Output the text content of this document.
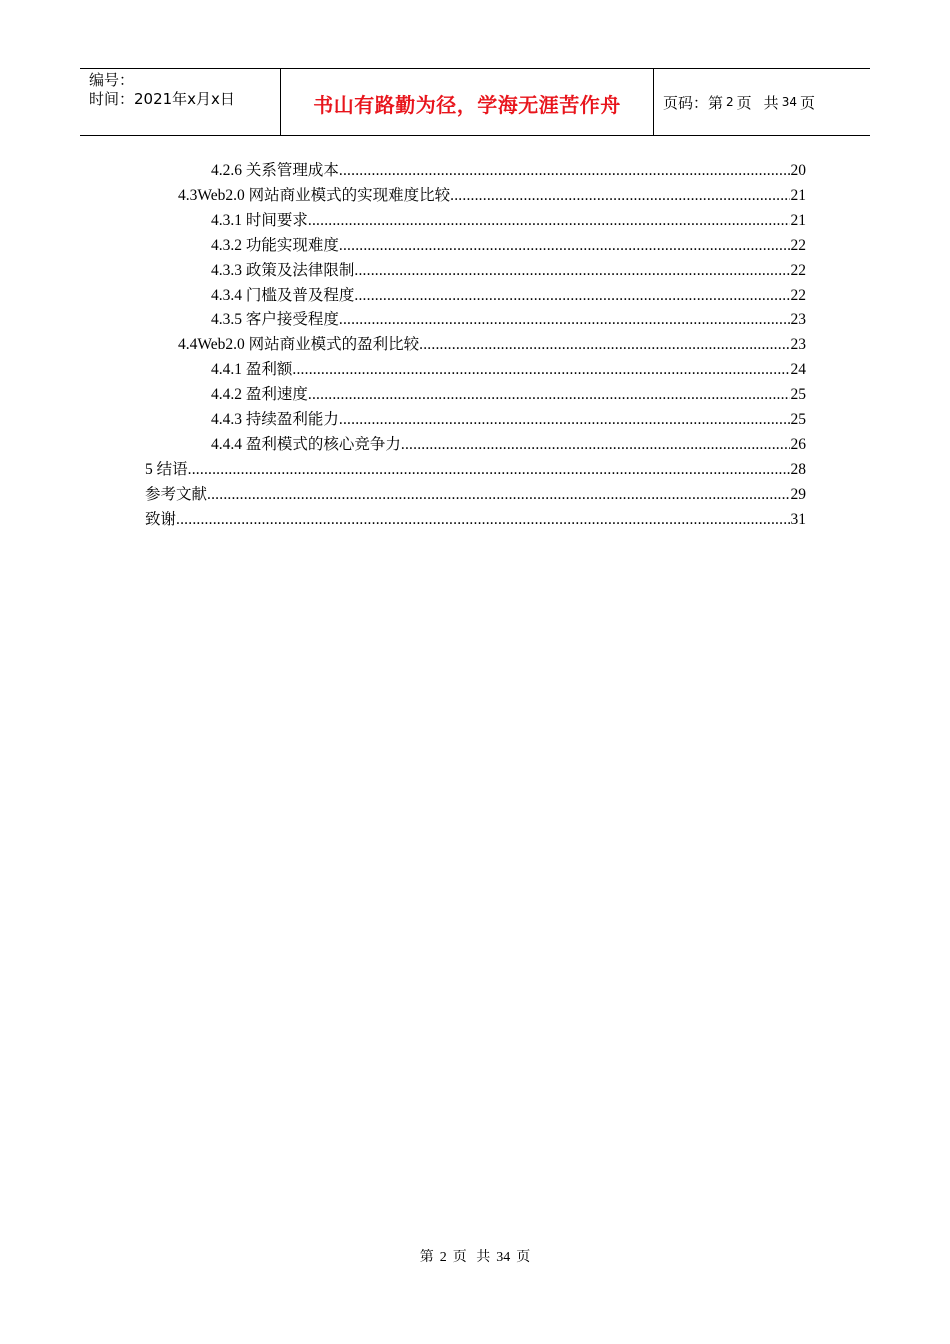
编号：
时间：2021年x月x日	书山有路勤为径，学海无涯苦作舟	页码：第 2 页 共 34 页
4.2.6 关系管理成本 .....	20
4.3Web2.0 网站商业模式的实现难度比较 .....	21
4.3.1 时间要求 .....	21
4.3.2 功能实现难度 .....	22
4.3.3 政策及法律限制 .....	22
4.3.4 门槛及普及程度 .....	22
4.3.5 客户接受程度 .....	23
4.4Web2.0 网站商业模式的盈利比较 .....	23
4.4.1 盈利额 .....	24
4.4.2 盈利速度 .....	25
4.4.3 持续盈利能力 .....	25
4.4.4 盈利模式的核心竞争力 .....	26
5 结语 .....	28
参考文献 .....	29
致谢 .....	31
第 2 页 共 34 页
